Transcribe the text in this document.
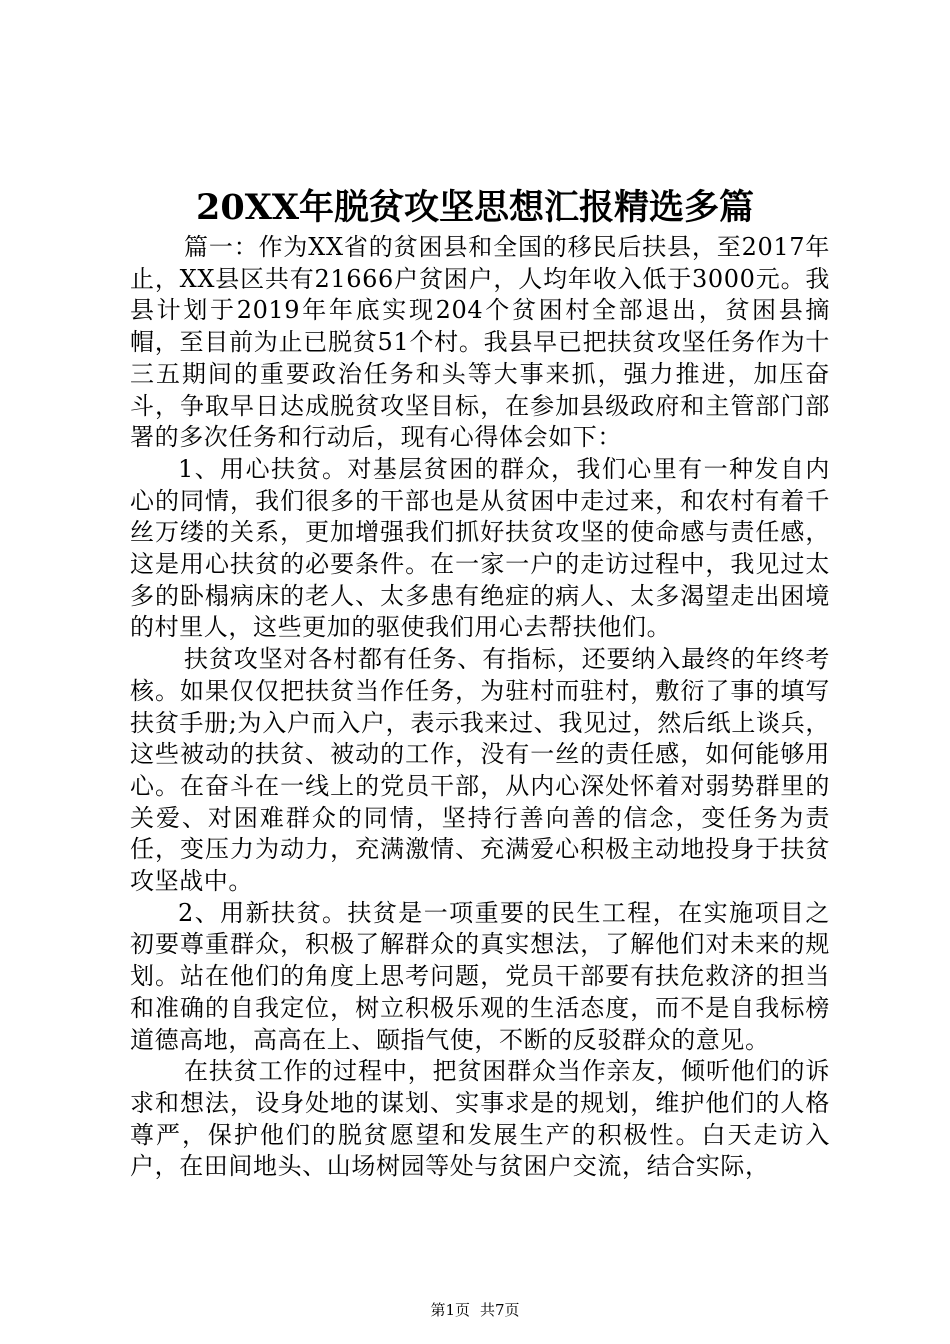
20XX年脱贫攻坚思想汇报精选多篇

篇一：作为XX省的贫困县和全国的移民后扶县，至2017年止，XX县区共有21666户贫困户，人均年收入低于3000元。我县计划于2019年年底实现204个贫困村全部退出，贫困县摘帽，至目前为止已脱贫51个村。我县早已把扶贫攻坚任务作为十三五期间的重要政治任务和头等大事来抓，强力推进，加压奋斗，争取早日达成脱贫攻坚目标，在参加县级政府和主管部门部署的多次任务和行动后，现有心得体会如下：

1、用心扶贫。对基层贫困的群众，我们心里有一种发自内心的同情，我们很多的干部也是从贫困中走过来，和农村有着千丝万缕的关系，更加增强我们抓好扶贫攻坚的使命感与责任感，这是用心扶贫的必要条件。在一家一户的走访过程中，我见过太多的卧榻病床的老人、太多患有绝症的病人、太多渴望走出困境的村里人，这些更加的驱使我们用心去帮扶他们。

扶贫攻坚对各村都有任务、有指标，还要纳入最终的年终考核。如果仅仅把扶贫当作任务，为驻村而驻村，敷衍了事的填写扶贫手册;为入户而入户，表示我来过、我见过，然后纸上谈兵，这些被动的扶贫、被动的工作，没有一丝的责任感，如何能够用心。在奋斗在一线上的党员干部，从内心深处怀着对弱势群里的关爱、对困难群众的同情，坚持行善向善的信念，变任务为责任，变压力为动力，充满激情、充满爱心积极主动地投身于扶贫攻坚战中。

2、用新扶贫。扶贫是一项重要的民生工程，在实施项目之初要尊重群众，积极了解群众的真实想法，了解他们对未来的规划。站在他们的角度上思考问题，党员干部要有扶危救济的担当和准确的自我定位，树立积极乐观的生活态度，而不是自我标榜道德高地，高高在上、颐指气使，不断的反驳群众的意见。

在扶贫工作的过程中，把贫困群众当作亲友，倾听他们的诉求和想法，设身处地的谋划、实事求是的规划，维护他们的人格尊严，保护他们的脱贫愿望和发展生产的积极性。白天走访入户，在田间地头、山场树园等处与贫困户交流，结合实际，

第1页 共7页
